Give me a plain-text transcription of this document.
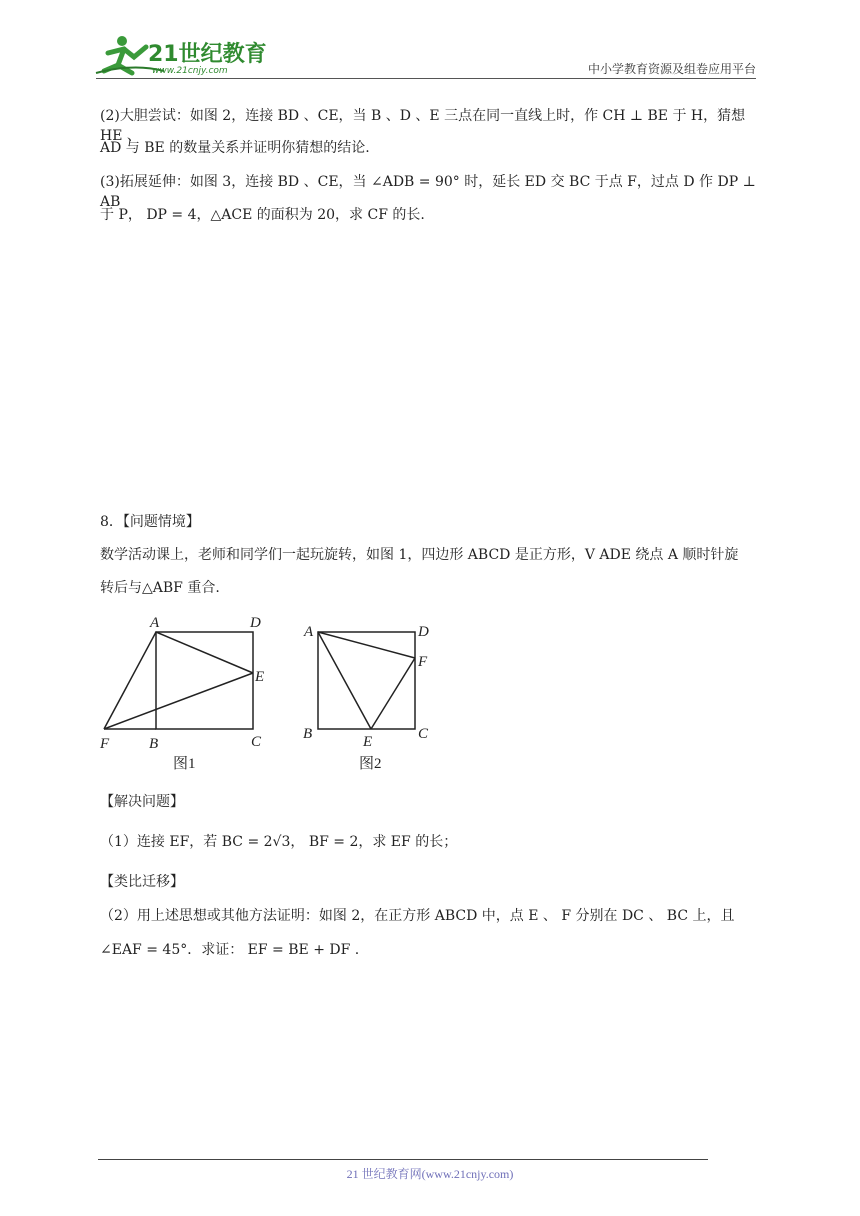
21世纪教育
www.21cnjy.com	中小学教育资源及组卷应用平台
(2)大胆尝试：如图 2，连接 BD 、CE，当 B 、D 、E 三点在同一直线上时，作 CH ⊥ BE 于 H，猜想 HE 、
AD 与 BE 的数量关系并证明你猜想的结论.
(3)拓展延伸：如图 3，连接 BD 、CE，当 ∠ADB = 90° 时，延长 ED 交 BC 于点 F，过点 D 作 DP ⊥ AB
于 P， DP = 4，△ACE 的面积为 20，求 CF 的长.
8．【问题情境】
数学活动课上，老师和同学们一起玩旋转，如图 1，四边形 ABCD 是正方形，V ADE 绕点 A 顺时针旋
转后与△ABF 重合.
A	D
E
F	B	C
图1
A	D
F
B	E	C
图2
【解决问题】
（1）连接 EF，若 BC = 2√3， BF = 2，求 EF 的长；
【类比迁移】
（2）用上述思想或其他方法证明：如图 2，在正方形 ABCD 中，点 E 、 F 分别在 DC 、 BC 上，且
∠EAF = 45°．求证： EF = BE + DF .
21 世纪教育网(www.21cnjy.com)
